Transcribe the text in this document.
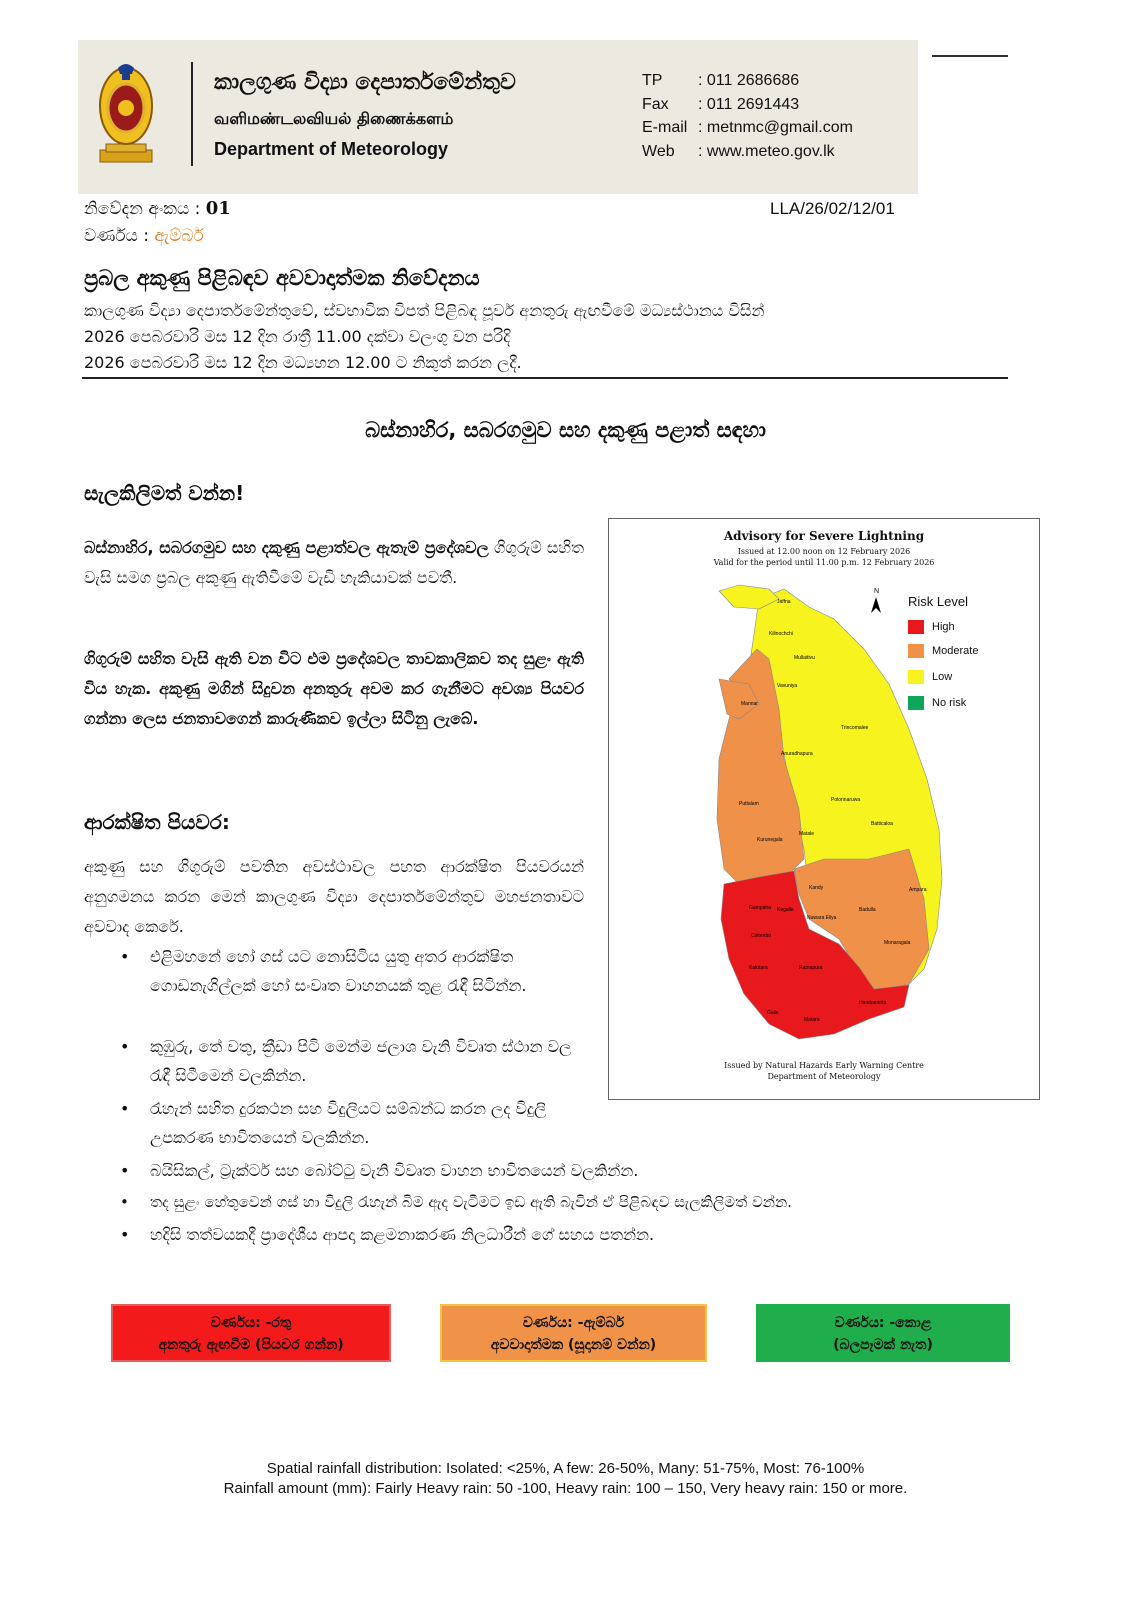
කාලගුණ විද්‍යා දෙපාර්තමේන්තුව
வளிமண்டலவியல் திணைக்களம்
Department of Meteorology
TP	: 011 2686686
Fax	: 011 2691443
E-mail : metnmc@gmail.com
Web	: www.meteo.gov.lk
නිවේදන අංකය : 01	LLA/26/02/12/01
වර්ණය : ඇම්බර්
ප්‍රබල අකුණු පිළිබඳව අවවාදාත්මක නිවේදනය
කාලගුණ විද්‍යා දෙපාර්තමේන්තුවේ, ස්වභාවික විපත් පිළිබඳ පූර්ව අනතුරු ඇඟවීමේ මධ්‍යස්ථානය විසින්
2026 පෙබරවාරි මස 12 දින රාත්‍රී 11.00 දක්වා වලංගු වන පරිදි
2026 පෙබරවාරි මස 12 දින මධ්‍යහන 12.00 ට නිකුත් කරන ලදී.
බස්නාහිර, සබරගමුව සහ දකුණු පළාත් සඳහා
සැලකිලිමත් වන්න!
බස්නාහිර, සබරගමුව සහ දකුණු පළාත්වල ඇතැම් ප්‍රදේශවල ගිගුරුම් සහිත වැසි සමග ප්‍රබල අකුණු ඇතිවීමේ වැඩි හැකියාවක් පවතී.
ගිගුරුම් සහිත වැසි ඇති වන විට එම ප්‍රදේශවල තාවකාලිකව තද සුළං ඇති විය හැක. අකුණු මගින් සිදුවන අනතුරු අවම කර ගැනීමට අවශ්‍ය පියවර ගන්නා ලෙස ජනතාවගෙන් කාරුණිකව ඉල්ලා සිටිනු ලැබේ.
ආරක්ෂිත පියවර:
අකුණු සහ ගිගුරුම් පවතින අවස්ථාවල පහත ආරක්ෂිත පියවරයන් අනුගමනය කරන මෙන් කාලගුණ විද්‍යා දෙපාර්තමේන්තුව මහජනතාවට අවවාද කෙරේ.
• එළිමහනේ හෝ ගස් යට නොසිටිය යුතු අතර ආරක්ෂිත ගොඩනැගිල්ලක් හෝ සංවෘත වාහනයක් තුළ රැඳී සිටින්න.
• කුඹුරු, තේ වතු, ක්‍රීඩා පිටි මෙන්ම ජලාශ වැනි විවෘත ස්ථාන වල රැඳී සිටීමෙන් වලකින්න.
• රැහැන් සහිත දුරකථන සහ විදුලියට සම්බන්ධ කරන ලද විදුලි උපකරණ භාවිතයෙන් වලකින්න.
• බයිසිකල්, ට්‍රැක්ටර් සහ බෝට්ටු වැනි විවෘත වාහන භාවිතයෙන් වලකින්න.
• තද සුළං හේතුවෙන් ගස් හා විදුලි රැහැන් බිම ඇද වැටීමට ඉඩ ඇති බැවින් ඒ පිළිබඳව සැලකිලිමත් වන්න.
• හදිසි තත්වයකදී ප්‍රාදේශීය ආපදා කළමනාකරණ නිලධාරීන් ගේ සහය පතන්න.
Advisory for Severe Lightning
Issued at 12.00 noon on 12 February 2026
Valid for the period until 11.00 p.m. 12 February 2026
N
Jaffna
Kilinochchi
Mullaitivu
Mannar
Vavuniya
Trincomalee
Anuradhapura
Puttalam
Polonnaruwa
Batticaloa
Kurunegala
Matale
Kandy	Ampara
Gampaha Kegalle
Nuwara Eliya
Badulla
Colombo
Kalutara	Ratnapura
Monaragala
Galle
Matara
Hambantota
Issued by Natural Hazards Early Warning Centre
Department of Meteorology
Risk Level
High
Moderate
Low
No risk
වර්ණය: -රතු
අනතුරු ඇඟවීම (පියවර ගන්න)
වර්ණය: -ඇම්බර්
අවවාදාත්මක (සූදානම් වන්න)
වර්ණය: -කොළ
(බලපෑමක් නැත)
Spatial rainfall distribution: Isolated: <25%, A few: 26-50%, Many: 51-75%, Most: 76-100%
Rainfall amount (mm): Fairly Heavy rain: 50 -100, Heavy rain: 100 – 150, Very heavy rain: 150 or more.
